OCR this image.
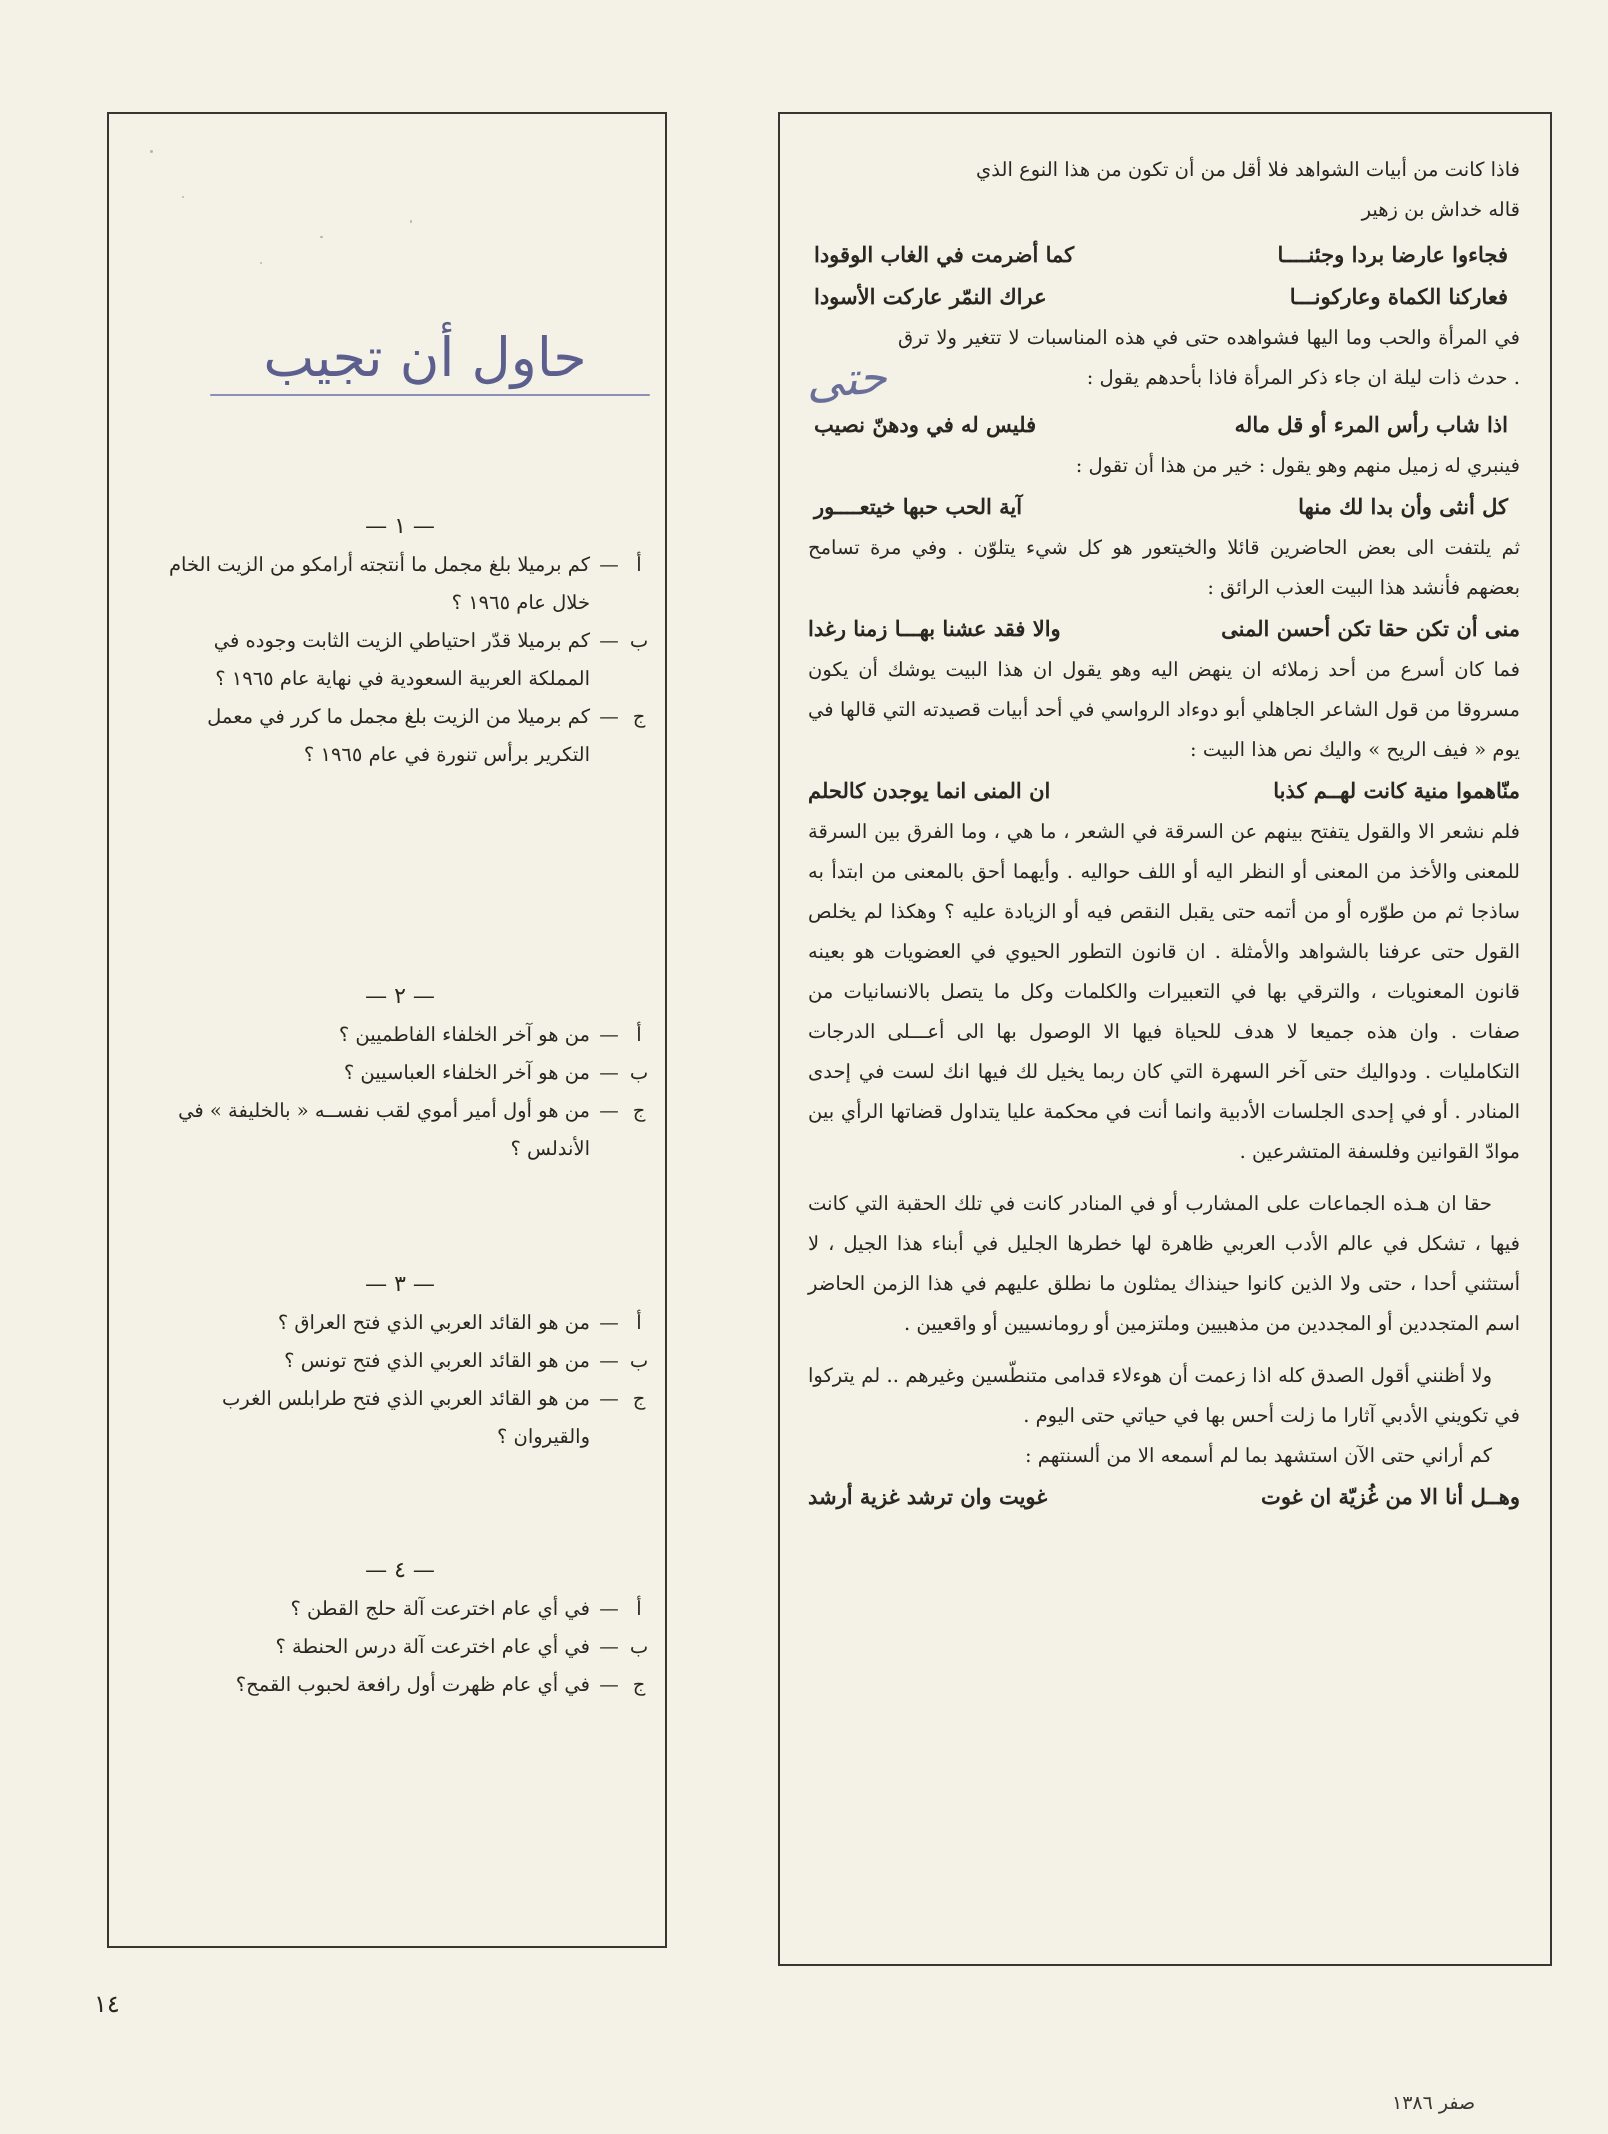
حتى

فاذا كانت من أبيات الشواهد فلا أقل من أن تكون من هذا النوع الذي

قاله خداش بن زهير

فجاءوا عارضا بردا وجئنــــا
كما أضرمت في الغاب الوقودا
فعاركنا الكماة وعاركونـــا
عراك النمّر عاركت الأسودا

في المرأة والحب وما اليها فشواهده حتى في هذه المناسبات لا تتغير ولا ترق . حدث ذات ليلة ان جاء ذكر المرأة فاذا بأحدهم يقول :

اذا شاب رأس المرء أو قل ماله
فليس له في ودهنّ نصيب

فينبري له زميل منهم وهو يقول : خير من هذا أن تقول :

كل أنثى وأن بدا لك منها
آية الحب حبها خيتعــــور

ثم يلتفت الى بعض الحاضرين قائلا والخيتعور هو كل شيء يتلوّن . وفي مرة تسامح بعضهم فأنشد هذا البيت العذب الرائق :

منى أن تكن حقا تكن أحسن المنى
والا فقد عشنا بهـــا زمنا رغدا

فما كان أسرع من أحد زملائه ان ينهض اليه وهو يقول ان هذا البيت يوشك أن يكون مسروقا من قول الشاعر الجاهلي أبو دوءاد الرواسي في أحد أبيات قصيدته التي قالها في يوم « فيف الريح » واليك نص هذا البيت :

منّاهموا منية كانت لهــم كذبا
ان المنى انما يوجدن كالحلم

فلم نشعر الا والقول يتفتح بينهم عن السرقة في الشعر ، ما هي ، وما الفرق بين السرقة للمعنى والأخذ من المعنى أو النظر اليه أو اللف حواليه . وأيهما أحق بالمعنى من ابتدأ به ساذجا ثم من طوّره أو من أتمه حتى يقبل النقص فيه أو الزيادة عليه ؟ وهكذا لم يخلص القول حتى عرفنا بالشواهد والأمثلة . ان قانون التطور الحيوي في العضويات هو بعينه قانون المعنويات ، والترقي بها في التعبيرات والكلمات وكل ما يتصل بالانسانيات من صفات . وان هذه جميعا لا هدف للحياة فيها الا الوصول بها الى أعـــلى الدرجات التكامليات . ودواليك حتى آخر السهرة التي كان ربما يخيل لك فيها انك لست في إحدى المنادر . أو في إحدى الجلسات الأدبية وانما أنت في محكمة عليا يتداول قضاتها الرأي بين موادّ القوانين وفلسفة المتشرعين .

حقا ان هـذه الجماعات على المشارب أو في المنادر كانت في تلك الحقبة التي كانت فيها ، تشكل في عالم الأدب العربي ظاهرة لها خطرها الجليل في أبناء هذا الجيل ، لا أستثني أحدا ، حتى ولا الذين كانوا حينذاك يمثلون ما نطلق عليهم في هذا الزمن الحاضر اسم المتجددين أو المجددين من مذهبيين وملتزمين أو رومانسيين أو واقعيين .

ولا أظنني أقول الصدق كله اذا زعمت أن هوءلاء قدامى متنطّسين وغيرهم .. لم يتركوا في تكويني الأدبي آثارا ما زلت أحس بها في حياتي حتى اليوم .

كم أراني حتى الآن استشهد بما لم أسمعه الا من ألسنتهم :

وهــل أنا الا من غُزيّة ان غوت
غويت وان ترشد غزية أرشد
حاول أن تجيب
— ١ —
أ
—
كم برميلا بلغ مجمل ما أنتجته أرامكو من الزيت الخام خلال عام ١٩٦٥ ؟
ب
—
كم برميلا قدّر احتياطي الزيت الثابت وجوده في المملكة العربية السعودية في نهاية عام ١٩٦٥ ؟
ج
—
كم برميلا من الزيت بلغ مجمل ما كرر في معمل التكرير برأس تنورة في عام ١٩٦٥ ؟
— ٢ —
أ
—
من هو آخر الخلفاء الفاطميين ؟
ب
—
من هو آخر الخلفاء العباسيين ؟
ج
—
من هو أول أمير أموي لقب نفســه « بالخليفة » في الأندلس ؟
— ٣ —
أ
—
من هو القائد العربي الذي فتح العراق ؟
ب
—
من هو القائد العربي الذي فتح تونس ؟
ج
—
من هو القائد العربي الذي فتح طرابلس الغرب والقيروان ؟
— ٤ —
أ
—
في أي عام اخترعت آلة حلج القطن ؟
ب
—
في أي عام اخترعت آلة درس الحنطة ؟
ج
—
في أي عام ظهرت أول رافعة لحبوب القمح؟
١٤
صفر ١٣٨٦
